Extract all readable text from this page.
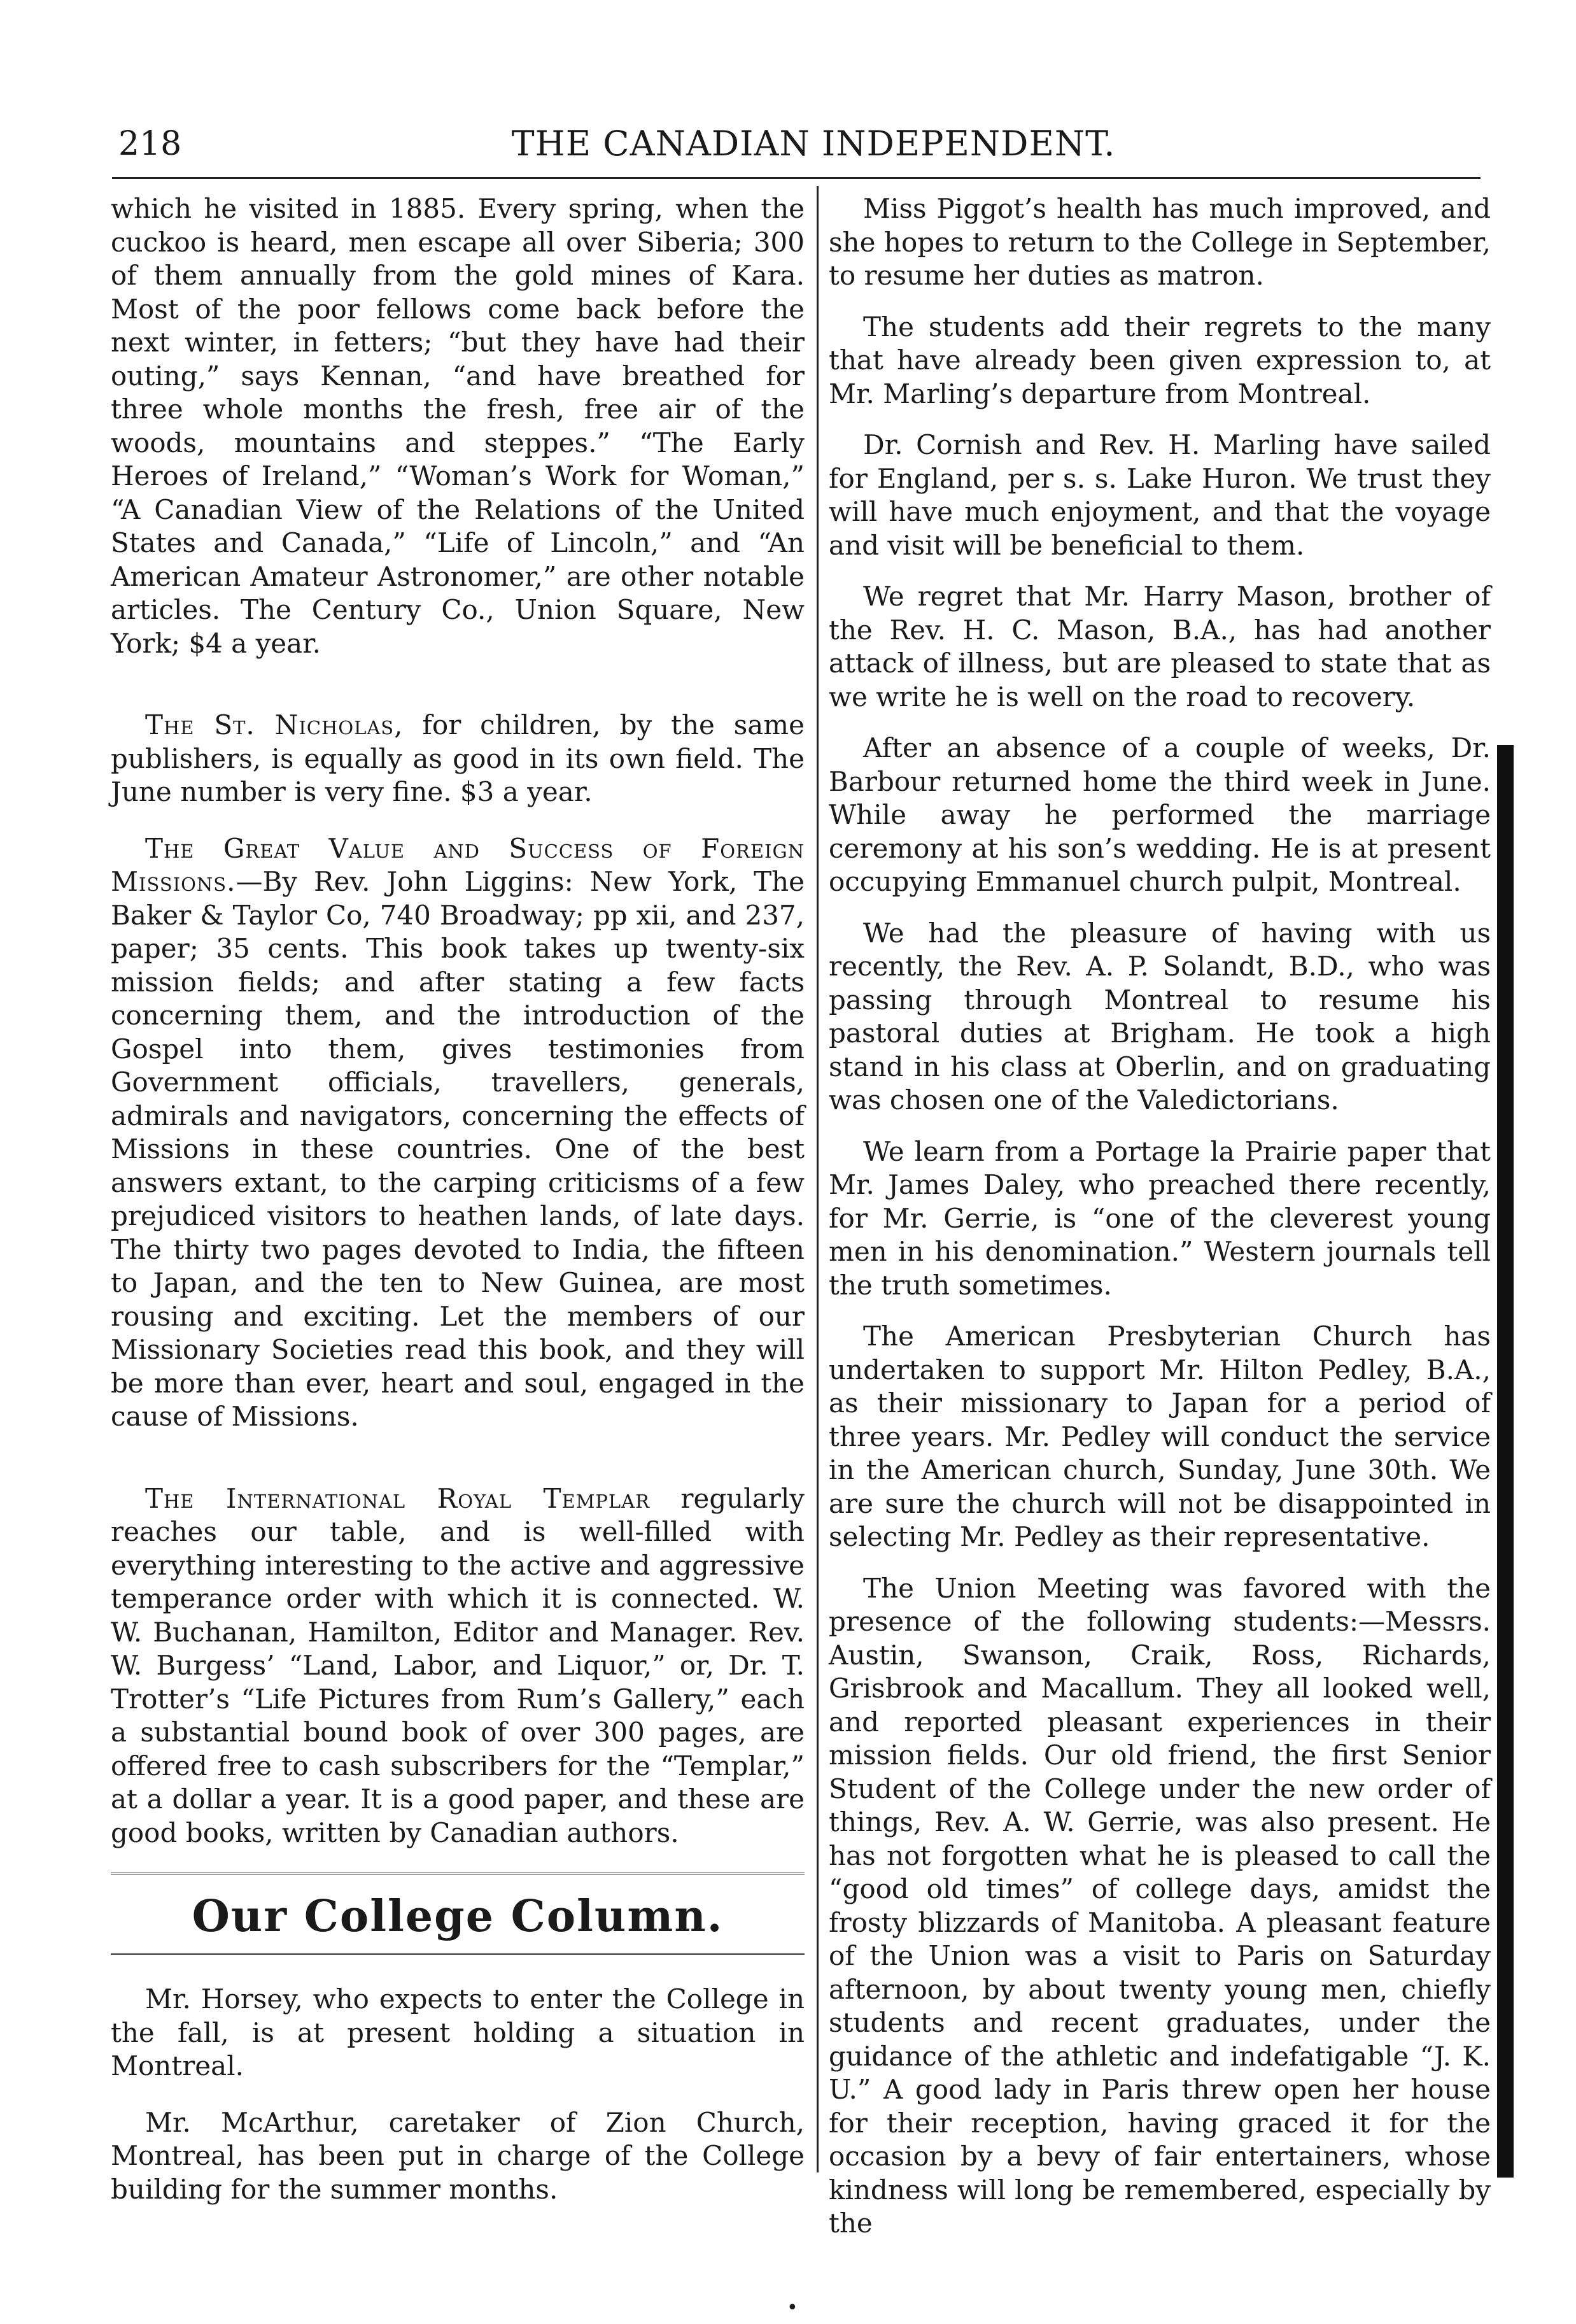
218	THE CANADIAN INDEPENDENT.

which he visited in 1885. Every spring, when the cuckoo is heard, men escape all over Siberia; 300 of them annually from the gold mines of Kara. Most of the poor fellows come back before the next winter, in fetters; “but they have had their outing,” says Kennan, “and have breathed for three whole months the fresh, free air of the woods, mountains and steppes.” “The Early Heroes of Ireland,” “Woman’s Work for Woman,” “A Canadian View of the Relations of the United States and Canada,” “Life of Lincoln,” and “An American Amateur Astronomer,” are other notable articles. The Century Co., Union Square, New York; $4 a year.

The St. Nicholas, for children, by the same publishers, is equally as good in its own field. The June number is very fine. $3 a year.

The Great Value and Success of Foreign Missions.—By Rev. John Liggins: New York, The Baker & Taylor Co, 740 Broadway; pp xii, and 237, paper; 35 cents. This book takes up twenty-six mission fields; and after stating a few facts concerning them, and the introduction of the Gospel into them, gives testimonies from Government officials, travellers, generals, admirals and navigators, concerning the effects of Missions in these countries. One of the best answers extant, to the carping criticisms of a few prejudiced visitors to heathen lands, of late days. The thirty two pages devoted to India, the fifteen to Japan, and the ten to New Guinea, are most rousing and exciting. Let the members of our Missionary Societies read this book, and they will be more than ever, heart and soul, engaged in the cause of Missions.

The International Royal Templar regularly reaches our table, and is well-filled with everything interesting to the active and aggressive temperance order with which it is connected. W. W. Buchanan, Hamilton, Editor and Manager. Rev. W. Burgess’ “Land, Labor, and Liquor,” or, Dr. T. Trotter’s “Life Pictures from Rum’s Gallery,” each a substantial bound book of over 300 pages, are offered free to cash subscribers for the “Templar,” at a dollar a year. It is a good paper, and these are good books, written by Canadian authors.

Our College Column.

Mr. Horsey, who expects to enter the College in the fall, is at present holding a situation in Montreal.

Mr. McArthur, caretaker of Zion Church, Montreal, has been put in charge of the College building for the summer months.

Miss Piggot’s health has much improved, and she hopes to return to the College in September, to resume her duties as matron.

The students add their regrets to the many that have already been given expression to, at Mr. Marling’s departure from Montreal.

Dr. Cornish and Rev. H. Marling have sailed for England, per s. s. Lake Huron. We trust they will have much enjoyment, and that the voyage and visit will be beneficial to them.

We regret that Mr. Harry Mason, brother of the Rev. H. C. Mason, B.A., has had another attack of illness, but are pleased to state that as we write he is well on the road to recovery.

After an absence of a couple of weeks, Dr. Barbour returned home the third week in June. While away he performed the marriage ceremony at his son’s wedding. He is at present occupying Emmanuel church pulpit, Montreal.

We had the pleasure of having with us recently, the Rev. A. P. Solandt, B.D., who was passing through Montreal to resume his pastoral duties at Brigham. He took a high stand in his class at Oberlin, and on graduating was chosen one of the Valedictorians.

We learn from a Portage la Prairie paper that Mr. James Daley, who preached there recently, for Mr. Gerrie, is “one of the cleverest young men in his denomination.” Western journals tell the truth sometimes.

The American Presbyterian Church has undertaken to support Mr. Hilton Pedley, B.A., as their missionary to Japan for a period of three years. Mr. Pedley will conduct the service in the American church, Sunday, June 30th. We are sure the church will not be disappointed in selecting Mr. Pedley as their representative.

The Union Meeting was favored with the presence of the following students:—Messrs. Austin, Swanson, Craik, Ross, Richards, Grisbrook and Macallum. They all looked well, and reported pleasant experiences in their mission fields. Our old friend, the first Senior Student of the College under the new order of things, Rev. A. W. Gerrie, was also present. He has not forgotten what he is pleased to call the “good old times” of college days, amidst the frosty blizzards of Manitoba. A pleasant feature of the Union was a visit to Paris on Saturday afternoon, by about twenty young men, chiefly students and recent graduates, under the guidance of the athletic and indefatigable “J. K. U.” A good lady in Paris threw open her house for their reception, having graced it for the occasion by a bevy of fair entertainers, whose kindness will long be remembered, especially by the

•
